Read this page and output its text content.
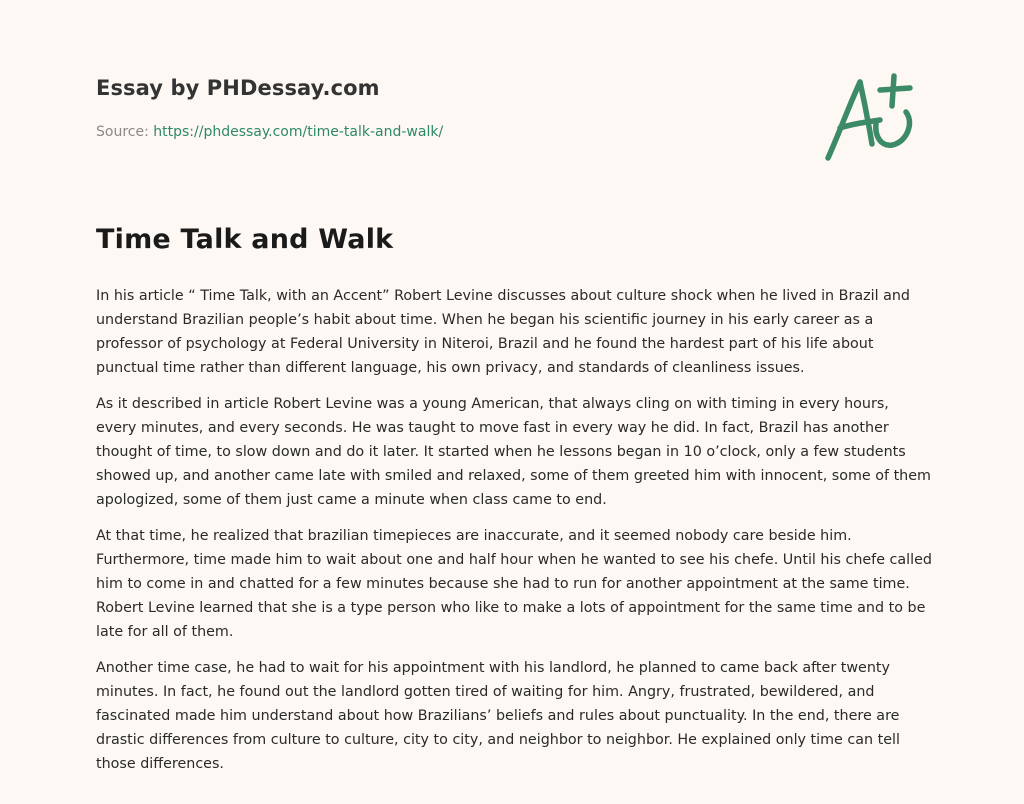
Essay by PHDessay.com

Source: https://phdessay.com/time-talk-and-walk/

Time Talk and Walk

In his article “ Time Talk, with an Accent” Robert Levine discusses about culture shock when he lived in Brazil and understand Brazilian people’s habit about time. When he began his scientific journey in his early career as a professor of psychology at Federal University in Niteroi, Brazil and he found the hardest part of his life about punctual time rather than different language, his own privacy, and standards of cleanliness issues.

As it described in article Robert Levine was a young American, that always cling on with timing in every hours, every minutes, and every seconds. He was taught to move fast in every way he did. In fact, Brazil has another thought of time, to slow down and do it later. It started when he lessons began in 10 o’clock, only a few students showed up, and another came late with smiled and relaxed, some of them greeted him with innocent, some of them apologized, some of them just came a minute when class came to end.

At that time, he realized that brazilian timepieces are inaccurate, and it seemed nobody care beside him. Furthermore, time made him to wait about one and half hour when he wanted to see his chefe. Until his chefe called him to come in and chatted for a few minutes because she had to run for another appointment at the same time. Robert Levine learned that she is a type person who like to make a lots of appointment for the same time and to be late for all of them.

Another time case, he had to wait for his appointment with his landlord, he planned to came back after twenty minutes. In fact, he found out the landlord gotten tired of waiting for him. Angry, frustrated, bewildered, and fascinated made him understand about how Brazilians’ beliefs and rules about punctuality. In the end, there are drastic differences from culture to culture, city to city, and neighbor to neighbor. He explained only time can tell those differences.
